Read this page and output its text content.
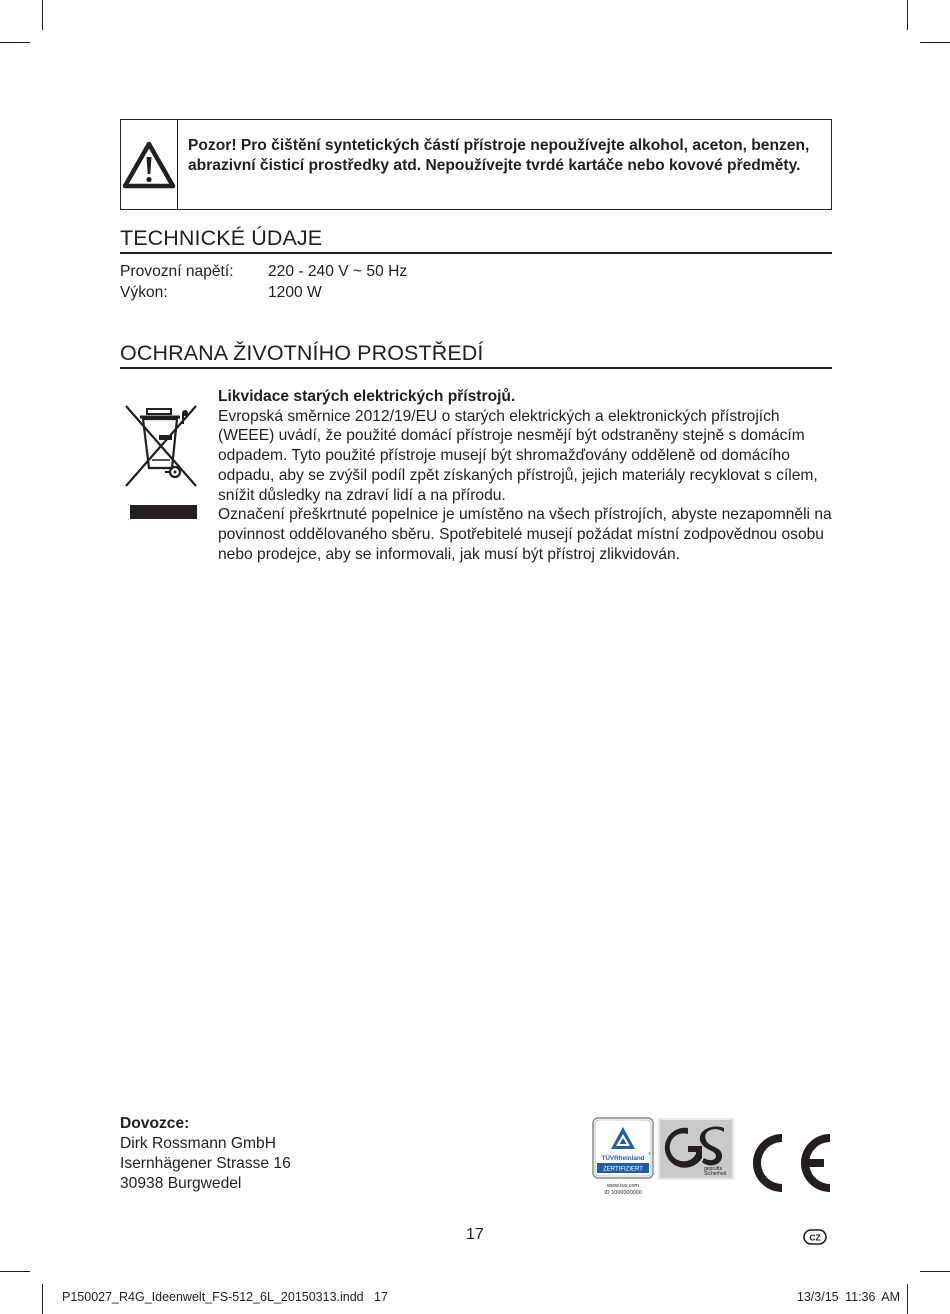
Pozor! Pro čištění syntetických částí přístroje nepoužívejte alkohol, aceton, benzen, abrazivní čisticí prostředky atd. Nepoužívejte tvrdé kartáče nebo kovové předměty.
TECHNICKÉ ÚDAJE
Provozní napětí: 220 - 240 V ~ 50 Hz
Výkon:	1200 W
OCHRANA ŽIVOTNÍHO PROSTŘEDÍ
Likvidace starých elektrických přístrojů.
Evropská směrnice 2012/19/EU o starých elektrických a elektronických přístrojích (WEEE) uvádí, že použité domácí přístroje nesmějí být odstraněny stejně s domácím odpadem. Tyto použité přístroje musejí být shromažďovány odděleně od domácího odpadu, aby se zvýšil podíl zpět získaných přístrojů, jejich materiály recyklovat s cílem, snížit důsledky na zdraví lidí a na přírodu.
Označení přeškrtnuté popelnice je umístěno na všech přístrojích, abyste nezapomněli na povinnost oddělovaného sběru. Spotřebitelé musejí požádat místní zodpovědnou osobu nebo prodejce, aby se informovali, jak musí být přístroj zlikvidován.
Dovozce:
Dirk Rossmann GmbH
Isernhägener Strasse 16
30938 Burgwedel
TÜVRheinland
®
ZERTIFIZIERT
www.tuv.com
ID 1000000000
geprüfte
Sicherheit
17	CZ
P150027_R4G_Ideenwelt_FS-512_6L_20150313.indd   17	13/3/15 11:36 AM
